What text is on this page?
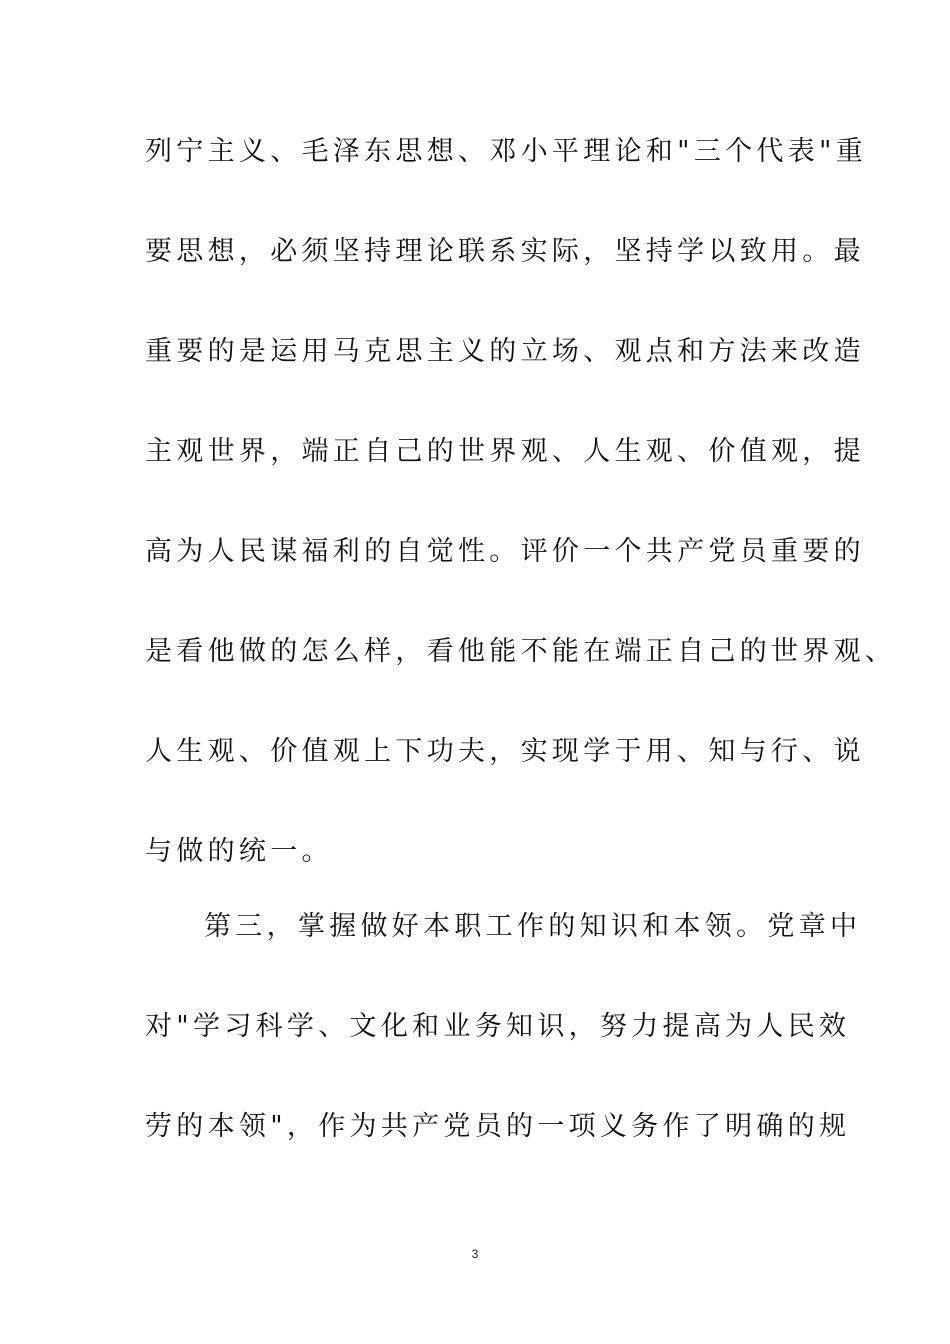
列宁主义、毛泽东思想、邓小平理论和"三个代表"重

要思想，必须坚持理论联系实际，坚持学以致用。最

重要的是运用马克思主义的立场、观点和方法来改造

主观世界，端正自己的世界观、人生观、价值观，提

高为人民谋福利的自觉性。评价一个共产党员重要的

是看他做的怎么样，看他能不能在端正自己的世界观、

人生观、价值观上下功夫，实现学于用、知与行、说

与做的统一。

第三，掌握做好本职工作的知识和本领。党章中

对"学习科学、文化和业务知识，努力提高为人民效

劳的本领"，作为共产党员的一项义务作了明确的规

3
